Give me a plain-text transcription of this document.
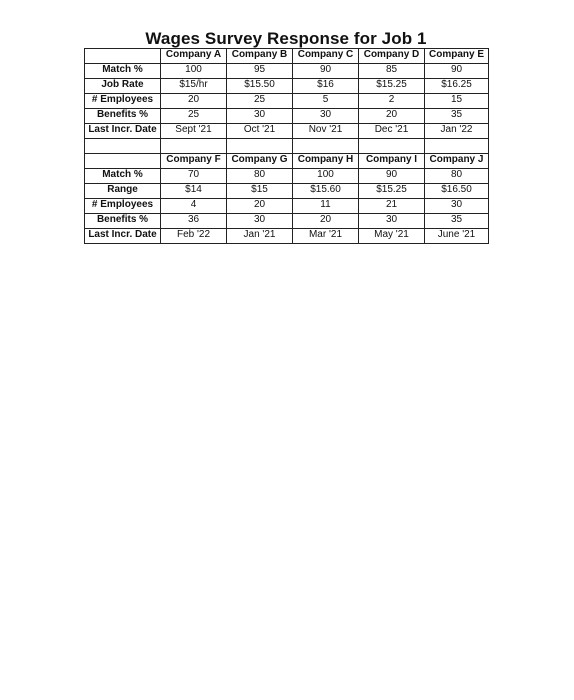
Wages Survey Response for Job 1
	Company A	Company B	Company C	Company D	Company E
Match %	100	95	90	85	90
Job Rate	$15/hr	$15.50	$16	$15.25	$16.25
# Employees	20	25	5	2	15
Benefits %	25	30	30	20	35
Last Incr. Date	Sept '21	Oct '21	Nov '21	Dec '21	Jan '22

	Company F	Company G	Company H	Company I	Company J
Match %	70	80	100	90	80
Range	$14	$15	$15.60	$15.25	$16.50
# Employees	4	20	11	21	30
Benefits %	36	30	20	30	35
Last Incr. Date	Feb '22	Jan '21	Mar '21	May '21	June '21
